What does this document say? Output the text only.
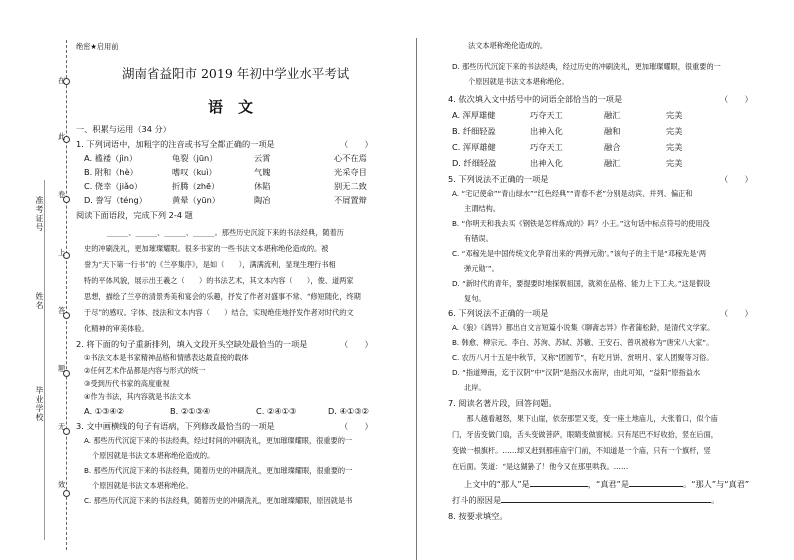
在
此
卷
上
答
题
无
效
准考证号
姓名
毕业学校
绝密★启用前
湖南省益阳市 2019 年初中学业水平考试
语　文
一、积累与运用（34 分）
1. 下列词语中，加粗字的注音或书写全都正确的一项是	（　　）
A. 褴褛（jìn）	龟裂（jūn）	云霄	心不在焉
B. 附和（hè）	嗜叹（kuì）	气魄	光采夺目
C. 侥幸（jiǎo）	折腾（zhē）	休陷	别无二致
D. 誊写（téng）	黄晕（yūn）	陶冶	不屑置辩
阅读下面语段，完成下列 2-4 题
　　　　______、______、______、______。那些历史沉淀下来的书法经典，随着历
史的冲刷洗礼，更加璀璨耀眼。很多书家的一些书法文本堪称绝伦造成的。被
誉为“天下第一行书”的《兰亭集序》，是如（　　），满满流利，显现生理行书相
特的平体风貌，展示出王羲之（　　）的书法艺术，其文本内容（　　），俊、道两家
思想，描绘了兰亭的清景秀美和宴会的乐趣，抒发了作者对盛事不常、“修短随化，终期
于尽”的感叹。字体、技法和文本内容（　　）结合，实现绝佳地抒发作者对时代的文
化精神的审美体验。
2. 将下面的句子重新排列，填入文段开头空缺处最恰当的一项是	（　　）
①书法文本是书家精神品格和情感表达最直接的载体
②任何艺术作品都是内容与形式的统一
③受到历代书家的高度重视
④作为书法，其内容就是书法文本
A. ①③④②	B. ②①③④	C. ②④①③	D. ④①③②
3. 文中画横线的句子有语病，下列修改最恰当的一项是	（　　）
A. 那些历代沉淀下来的书法经典，经过时间的冲刷洗礼，更加璀璨耀眼，很重要的一
个原因就是书法文本堪称绝伦造成的。
B. 那些历代沉淀下来的书法经典，随着历史的冲刷洗礼，更加璀璨耀眼，很重要的一
个原因就是书法文本堪称绝伦。
C. 那些历代沉淀下来的书法经典，随着历史的冲刷洗礼，更加璀璨耀眼，原因就是书
法文本堪称绝伦造成的。
D. 那些历代沉淀下来的书法经典，经过历史的冲刷洗礼，更加璀璨耀眼，很重要的一
个原因就是书法文本堪称绝伦。
4. 依次填入文中括号中的词语全部恰当的一项是	（　　）
A. 浑厚雄健	巧夺天工	融汇	完美
B. 纤细轻盈	出神入化	融和	完美
C. 浑厚雄健	巧夺天工	融合	完美
D. 纤细轻盈	出神入化	融汇	完美
5. 下列说法不正确的一项是	（　　）
A. “宅记使命”“青山绿水”“红色经典”“青春不老”分别是动宾、并列、偏正和
主谓结构。
B. “你明天和我去买《钢铁是怎样炼成的》吗？小王。”这句话中标点符号的使用没
有错误。
C. “邓稼先是中国传统文化孕育出来的‘两弹元勋’。”该句子的主干是“邓稼先是‘两
弹元勋’”。
D. “新时代的青年，要提要时地探戟祖国，就须在品格、能力上下工夫。”这是假设
复句。
6. 下列说法不正确的一项是	（　　）
A.《狼》《鸽异》都出自文言短篇小说集《聊斋志异》作者蒲松龄，是清代文学家。
B. 韩愈、柳宗元、李白、苏洵、苏轼、苏辙、王安石、曾巩被称为“唐宋八大家”。
C. 农历八月十五是中秋节，又称“团圆节”，有吃月饼、赏明月、家人团聚等习俗。
D. “指道殚南，迄于汉阴”中“汉阴”是指汉水南岸，由此可知，“益阳”原指益水
北岸。
7. 阅读名著片段，回答问题。
　　那人越看越怒，果下山崖，依奈那罡又变，变一座土地庙儿，大张着口，似个庙
门，牙齿变做门扇，舌头变做菩萨，眼睛变做窗棂。只有尾巴不好收拾，竖在后面，
变做一根旗杆。……却又赶到那座庙宇门前，不知道是一个庙，只有一个旗杆，竖
在后面。笑道：“是这猢狲了！他今又在那里哄我。……
上文中的“那人”是	，“真君”是	。“那人”与“真君”
打斗的原因是	。
8. 按要求填空。
